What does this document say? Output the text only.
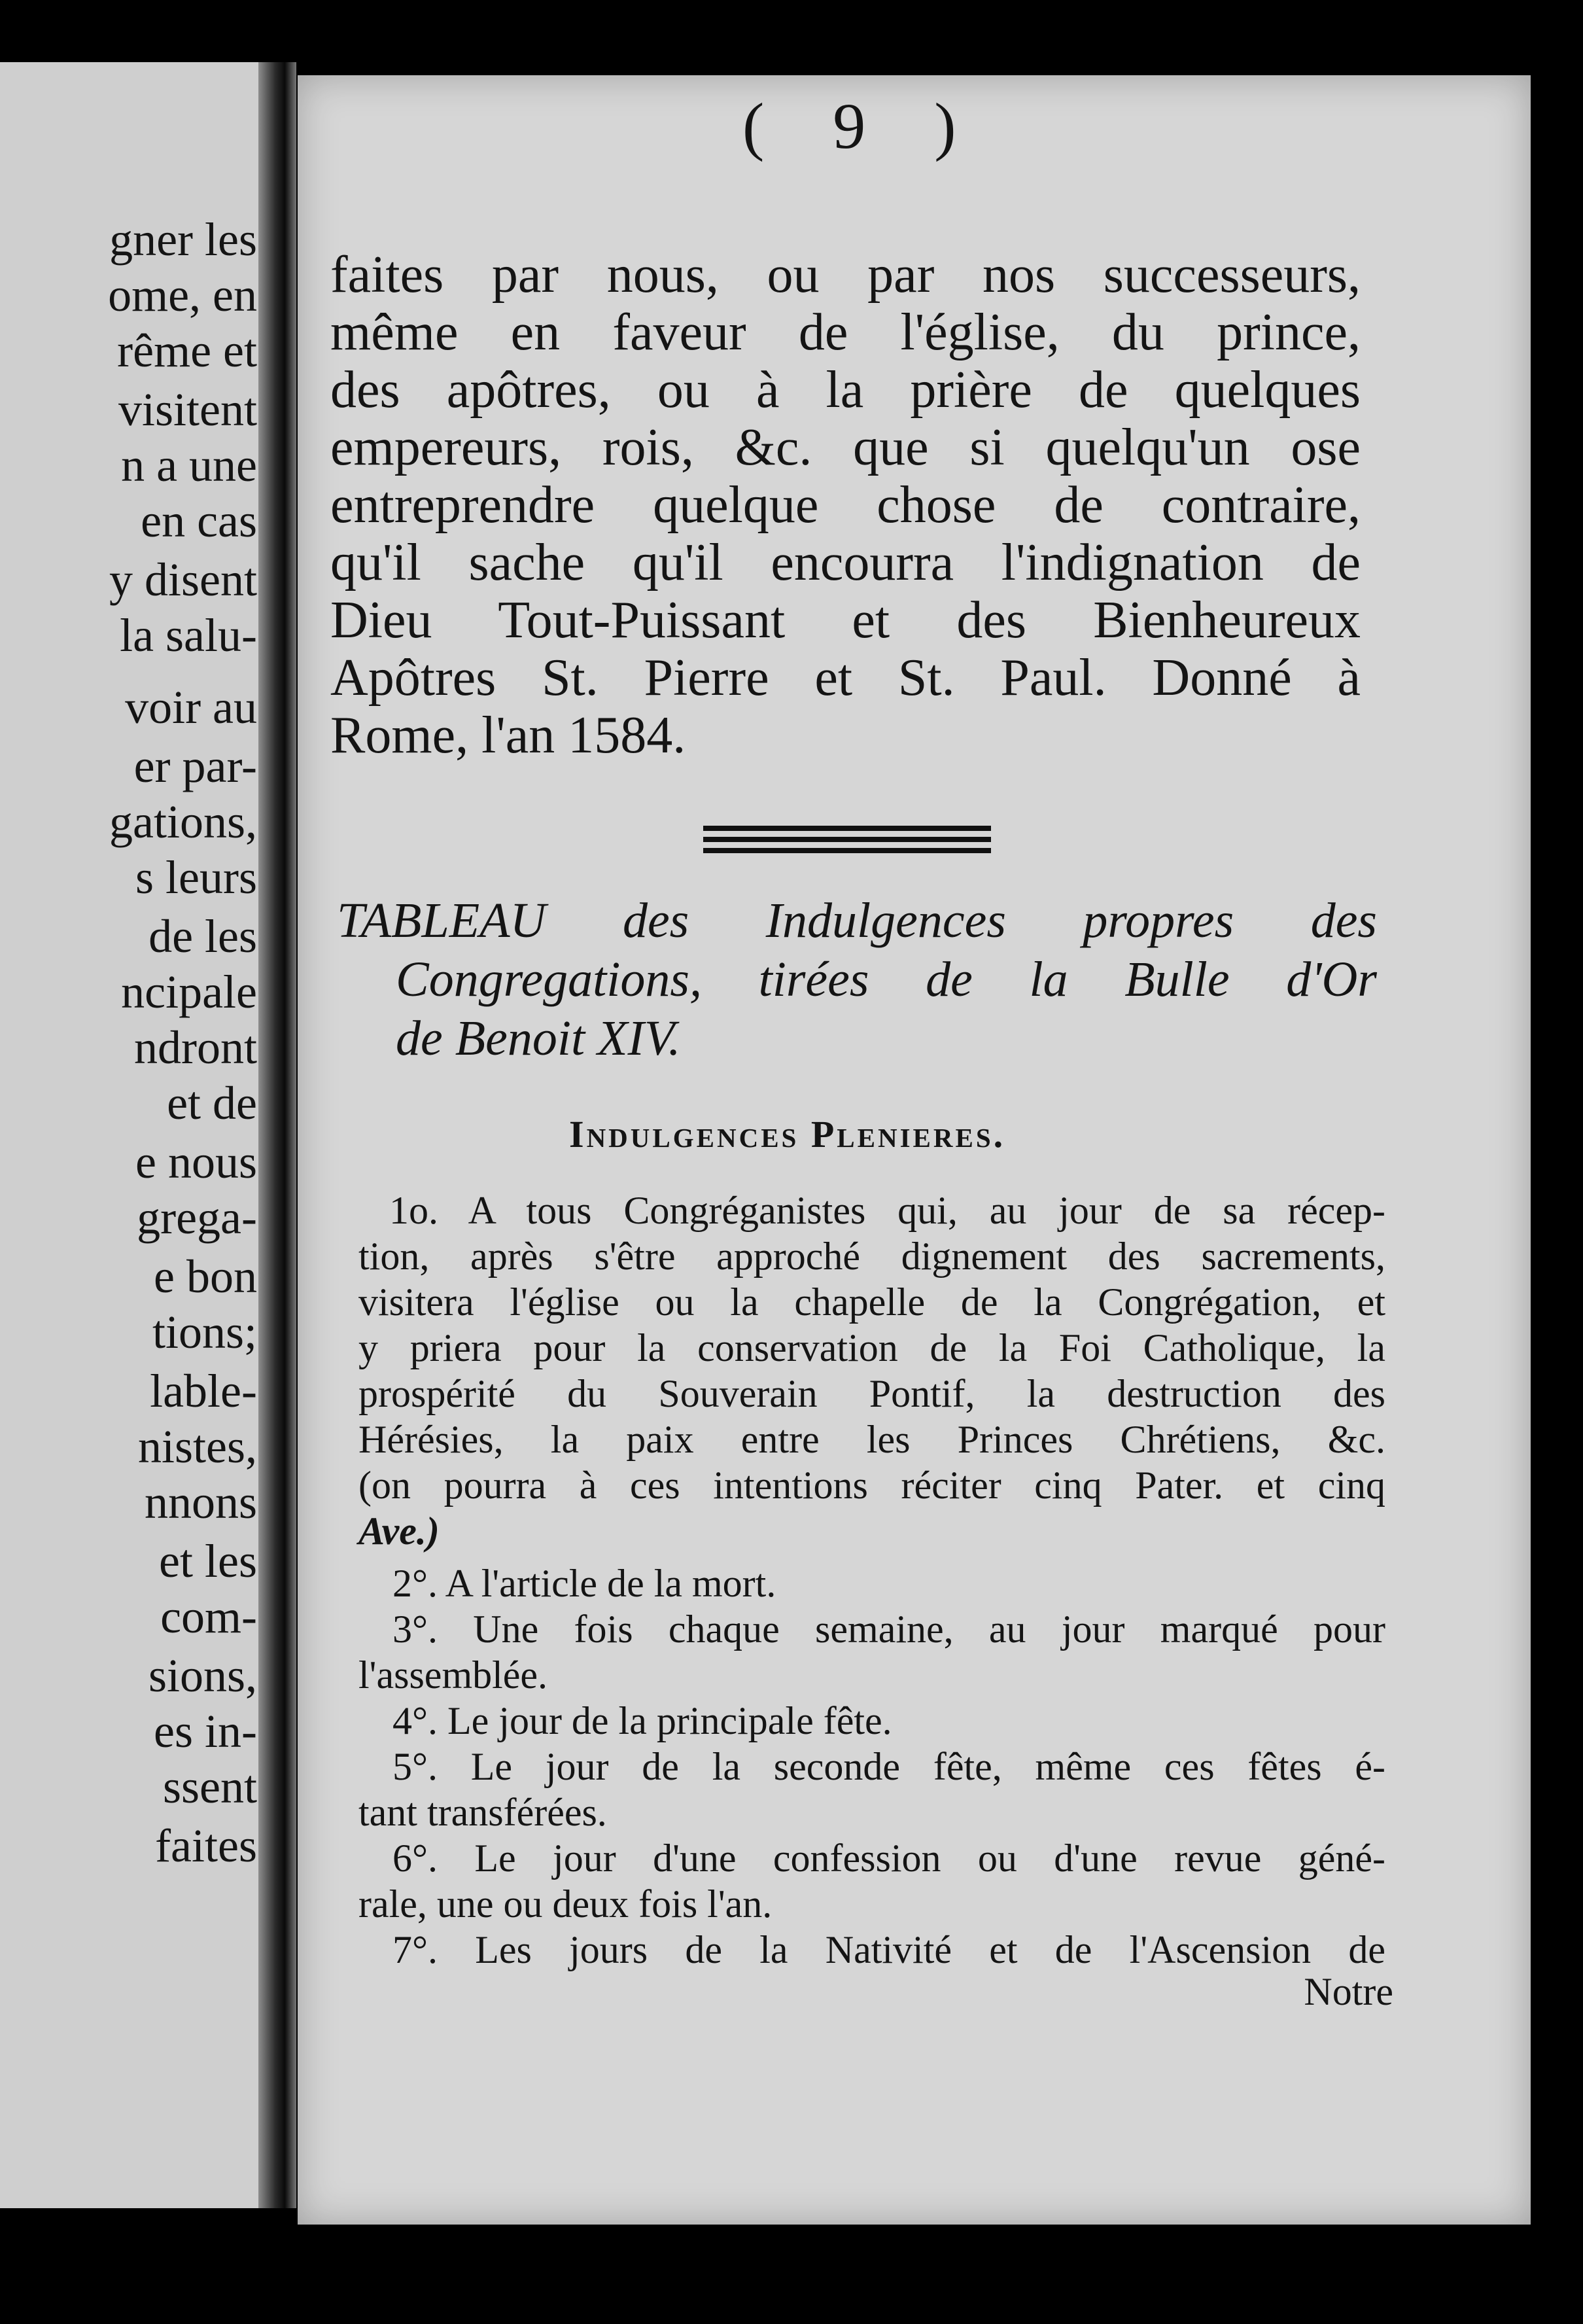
gner les
ome, en
rême et
visitent
n a une
en cas
y disent
la salu-
voir au
er par-
gations,
s leurs
de les
ncipale
ndront
et de
e nous
grega-
e bon
tions;
lable-
nistes,
nnons
et les
com-
sions,
es in-
ssent
faites
( 9 )
faites par nous, ou par nos successeurs,
même en faveur de l'église, du prince,
des apôtres, ou à la prière de quelques
empereurs, rois, &c. que si quelqu'un ose
entreprendre quelque chose de contraire,
qu'il sache qu'il encourra l'indignation de
Dieu Tout-Puissant et des Bienheureux
Apôtres St. Pierre et St. Paul. Donné à
Rome, l'an 1584.
TABLEAU des Indulgences propres des
Congregations, tirées de la Bulle d'Or
de Benoit XIV.
Indulgences Plenieres.
1o. A tous Congréganistes qui, au jour de sa récep-
tion, après s'être approché dignement des sacrements,
visitera l'église ou la chapelle de la Congrégation, et
y priera pour la conservation de la Foi Catholique, la
prospérité du Souverain Pontif, la destruction des
Hérésies, la paix entre les Princes Chrétiens, &c.
(on pourra à ces intentions réciter cinq Pater. et cinq
Ave.)
2°. A l'article de la mort.
3°. Une fois chaque semaine, au jour marqué pour
l'assemblée.
4°. Le jour de la principale fête.
5°. Le jour de la seconde fête, même ces fêtes é-
tant transférées.
6°. Le jour d'une confession ou d'une revue géné-
rale, une ou deux fois l'an.
7°. Les jours de la Nativité et de l'Ascension de
Notre
